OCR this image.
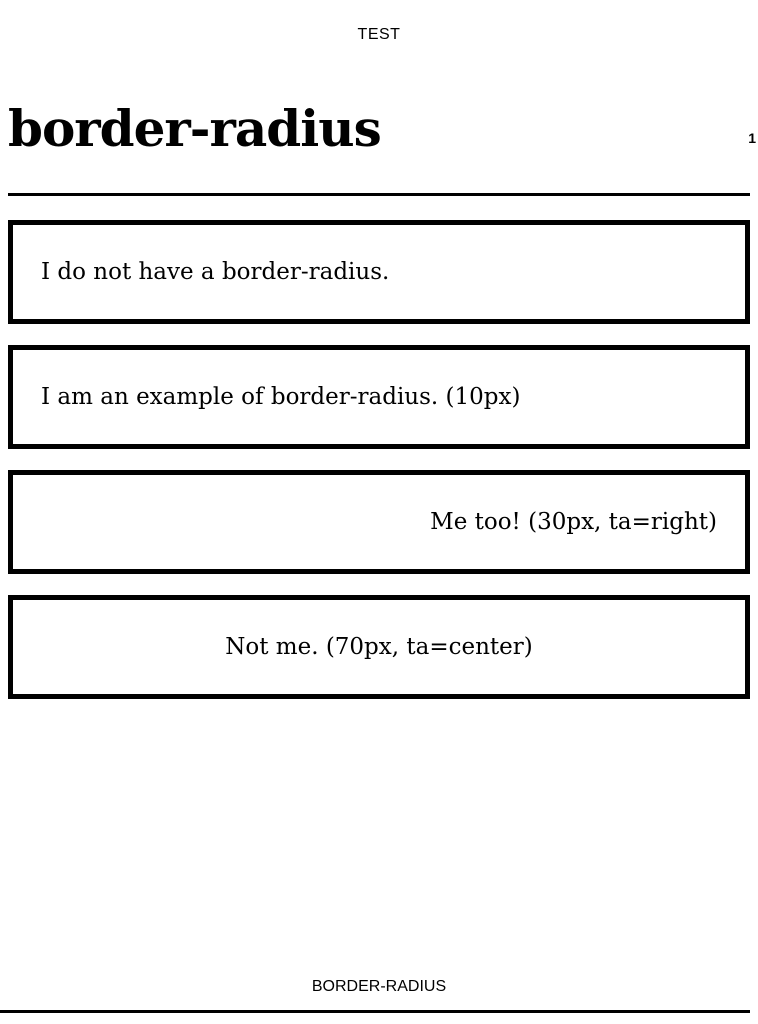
TEST
border-radius	1
I do not have a border-radius.
I am an example of border-radius. (10px)
Me too! (30px, ta=right)
Not me. (70px, ta=center)
BORDER-RADIUS
